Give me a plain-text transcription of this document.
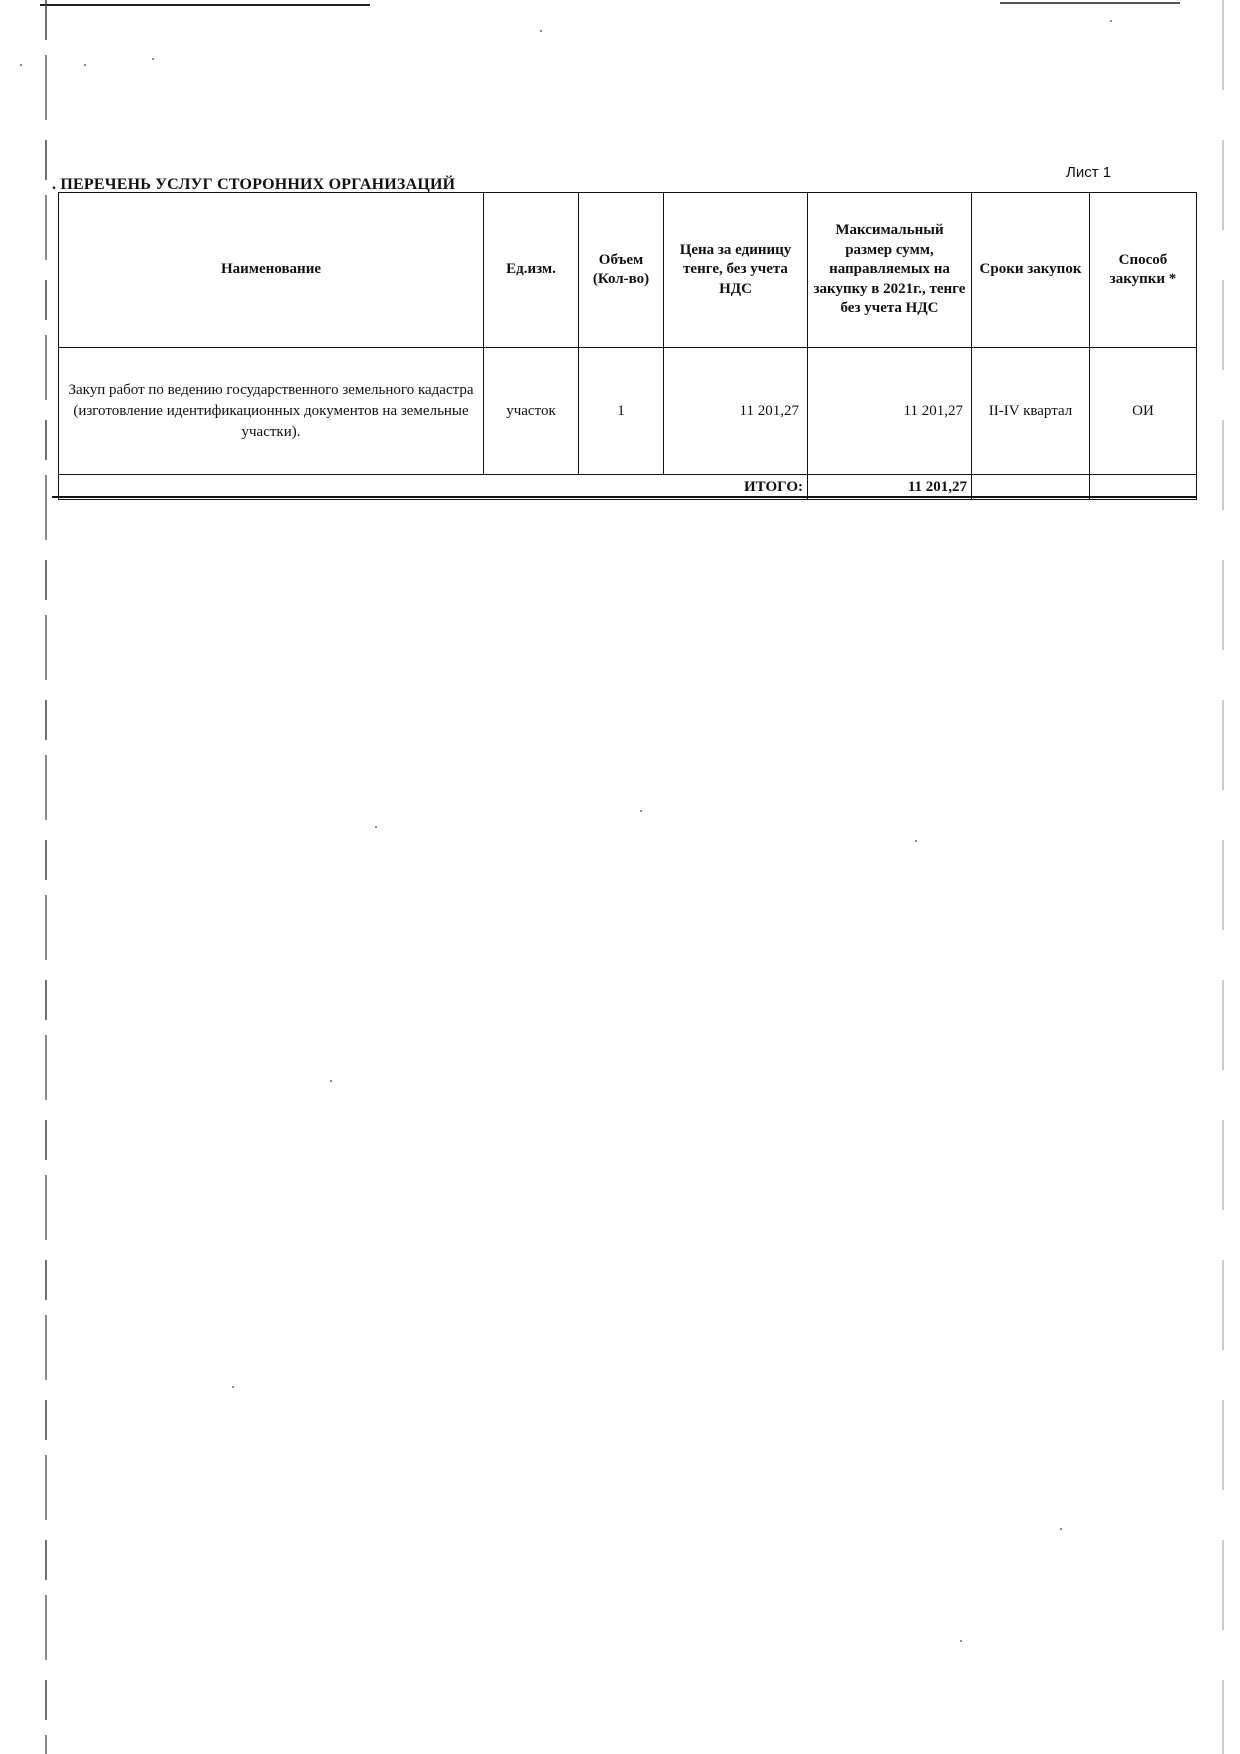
Лист 1
. ПЕРЕЧЕНЬ УСЛУГ СТОРОННИХ ОРГАНИЗАЦИЙ
Наименование	Ед.изм.	Объем (Кол-во)	Цена за единицу тенге, без учета НДС	Максимальный размер сумм, направляемых на закупку в 2021г., тенге без учета НДС	Сроки закупок	Способ закупки *
Закуп работ по ведению государственного земельного кадастра (изготовление идентификационных документов на земельные участки).	участок	1	11 201,27	11 201,27	II-IV квартал	ОИ
ИТОГО:				11 201,27		
